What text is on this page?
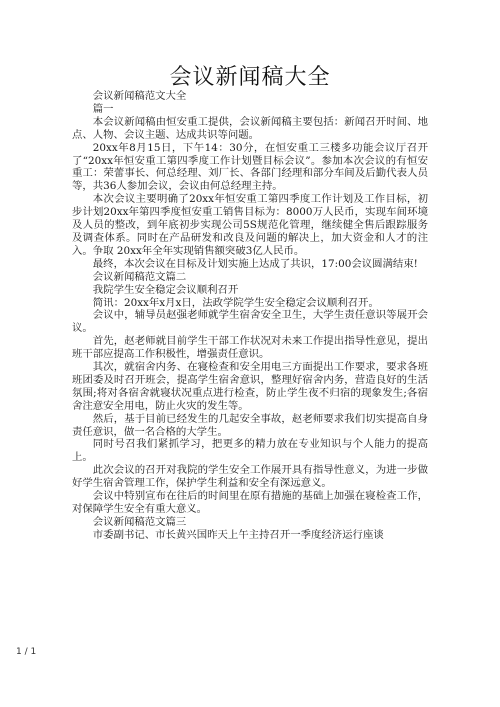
会议新闻稿大全

会议新闻稿范文大全

篇一

本会议新闻稿由恒安重工提供，会议新闻稿主要包括：新闻召开时间、地点、人物、会议主题、达成共识等问题。

20xx年8月15日，下午14：30分，在恒安重工三楼多功能会议厅召开了“20xx年恒安重工第四季度工作计划暨目标会议”。参加本次会议的有恒安重工：荣蕾事长、何总经理、刘厂长、各部门经理和部分车间及后勤代表人员等，共36人参加会议，会议由何总经理主持。

本次会议主要明确了20xx年恒安重工第四季度工作计划及工作目标，初步计划20xx年第四季度恒安重工销售目标为：8000万人民币，实现车间环境及人员的整改，到年底初步实现公司5S规范化管理，继续健全售后跟踪服务及调查体系。同时在产品研发和改良及问题的解决上，加大资金和人才的注入。争取 20xx年全年实现销售额突破3亿人民币。

最终，本次会议在目标及计划实施上达成了共识，17:00会议圆满结束!

会议新闻稿范文篇二

我院学生安全稳定会议顺利召开

简讯：20xx年x月x日，法政学院学生安全稳定会议顺利召开。

会议中，辅导员赵强老师就学生宿舍安全卫生，大学生责任意识等展开会议。

首先，赵老师就目前学生干部工作状况对未来工作提出指导性意见，提出班干部应提高工作积极性，增强责任意识。

其次，就宿舍内务、在寝检查和安全用电三方面提出工作要求，要求各班班团委及时召开班会，提高学生宿舍意识，整理好宿舍内务，营造良好的生活氛围;将对各宿舍就寝状况重点进行检查，防止学生夜不归宿的现象发生;各宿舍注意安全用电，防止火灾的发生等。

然后，基于目前已经发生的几起安全事故，赵老师要求我们切实提高自身责任意识，做一名合格的大学生。

同时号召我们紧抓学习，把更多的精力放在专业知识与个人能力的提高上。

此次会议的召开对我院的学生安全工作展开具有指导性意义，为进一步做好学生宿舍管理工作，保护学生利益和安全有深远意义。

会议中特别宣布在往后的时间里在原有措施的基础上加强在寝检查工作，对保障学生安全有重大意义。

会议新闻稿范文篇三

市委副书记、市长黄兴国昨天上午主持召开一季度经济运行座谈

1 / 1
